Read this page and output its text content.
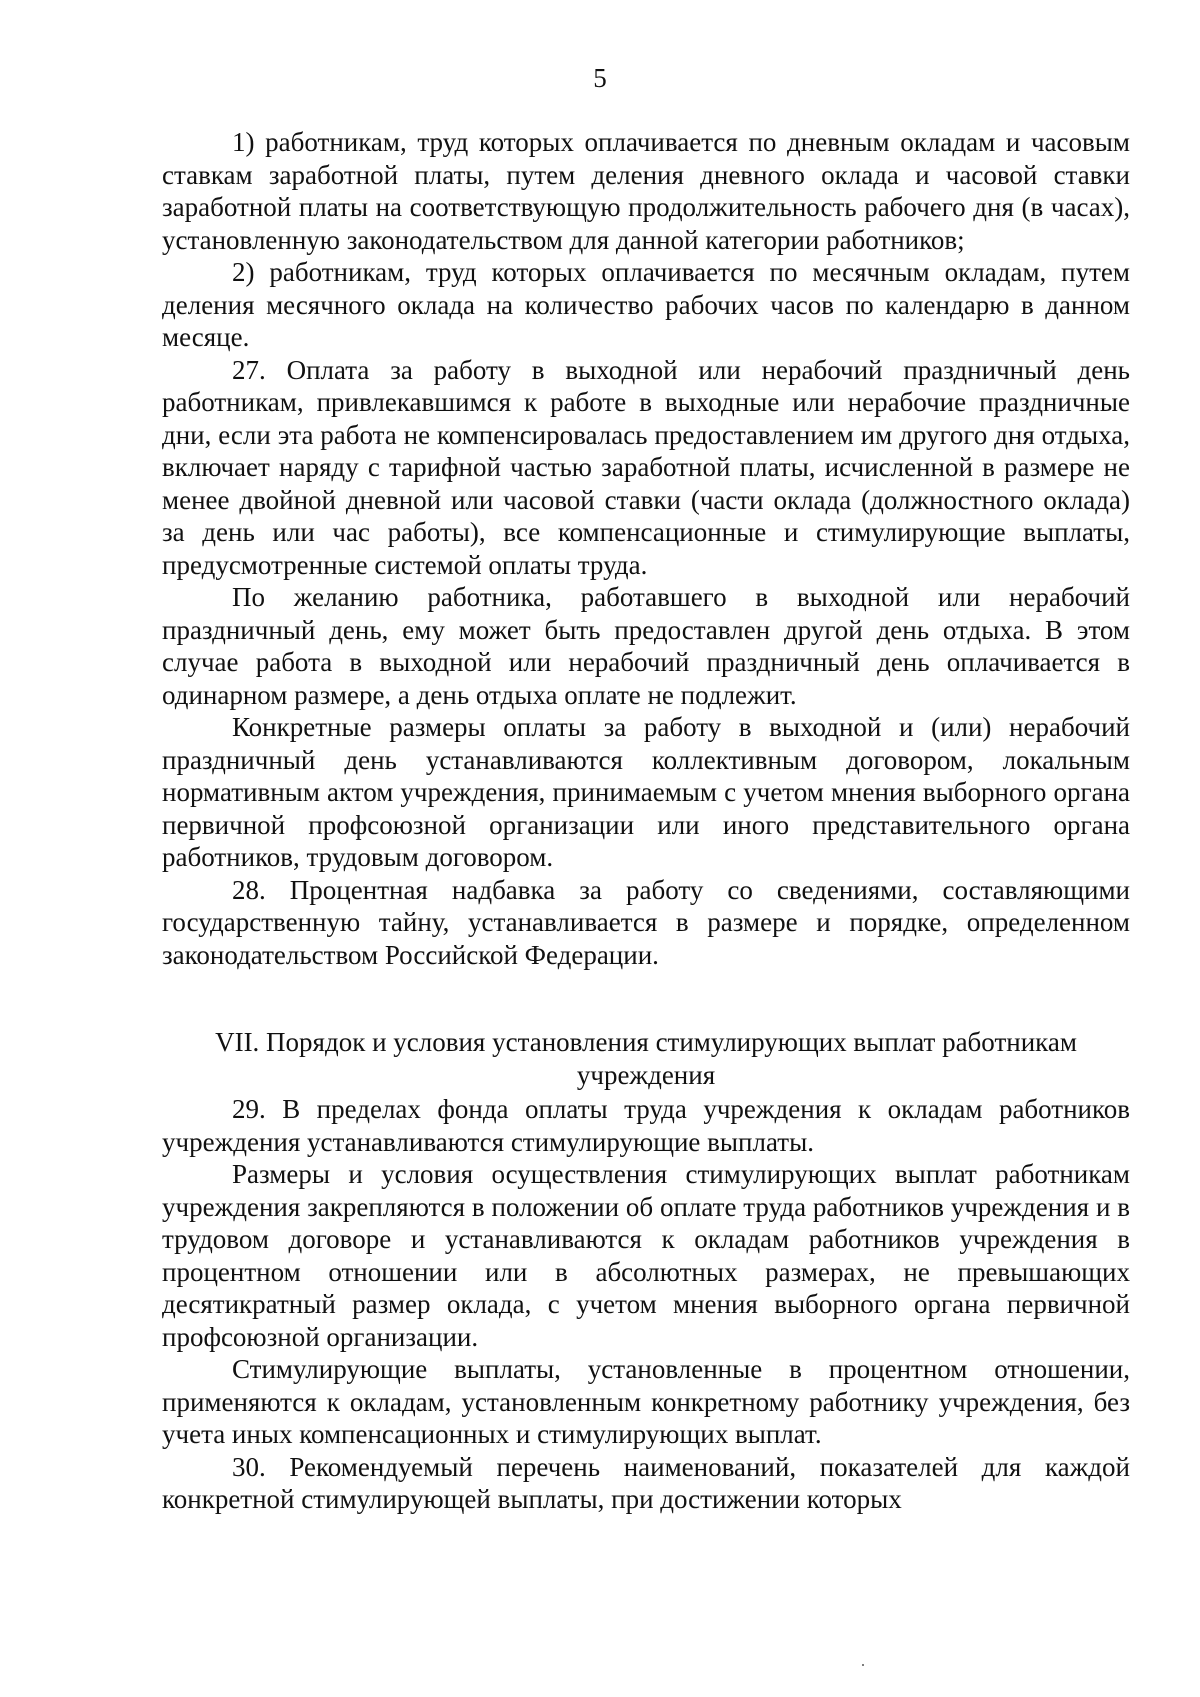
5

1) работникам, труд которых оплачивается по дневным окладам и часовым ставкам заработной платы, путем деления дневного оклада и часовой ставки заработной платы на соответствующую продолжительность рабочего дня (в часах), установленную законодательством для данной категории работников;

2) работникам, труд которых оплачивается по месячным окладам, путем деления месячного оклада на количество рабочих часов по календарю в данном месяце.

27. Оплата за работу в выходной или нерабочий праздничный день работникам, привлекавшимся к работе в выходные или нерабочие праздничные дни, если эта работа не компенсировалась предоставлением им другого дня отдыха, включает наряду с тарифной частью заработной платы, исчисленной в размере не менее двойной дневной или часовой ставки (части оклада (должностного оклада) за день или час работы), все компенсационные и стимулирующие выплаты, предусмотренные системой оплаты труда.

По желанию работника, работавшего в выходной или нерабочий праздничный день, ему может быть предоставлен другой день отдыха. В этом случае работа в выходной или нерабочий праздничный день оплачивается в одинарном размере, а день отдыха оплате не подлежит.

Конкретные размеры оплаты за работу в выходной и (или) нерабочий праздничный день устанавливаются коллективным договором, локальным нормативным актом учреждения, принимаемым с учетом мнения выборного органа первичной профсоюзной организации или иного представительного органа работников, трудовым договором.

28. Процентная надбавка за работу со сведениями, составляющими государственную тайну, устанавливается в размере и порядке, определенном законодательством Российской Федерации.

VII. Порядок и условия установления стимулирующих выплат работникам
учреждения

29. В пределах фонда оплаты труда учреждения к окладам работников учреждения устанавливаются стимулирующие выплаты.

Размеры и условия осуществления стимулирующих выплат работникам учреждения закрепляются в положении об оплате труда работников учреждения и в трудовом договоре и устанавливаются к окладам работников учреждения в процентном отношении или в абсолютных размерах, не превышающих десятикратный размер оклада, с учетом мнения выборного органа первичной профсоюзной организации.

Стимулирующие выплаты, установленные в процентном отношении, применяются к окладам, установленным конкретному работнику учреждения, без учета иных компенсационных и стимулирующих выплат.

30. Рекомендуемый перечень наименований, показателей для каждой конкретной стимулирующей выплаты, при достижении которых
